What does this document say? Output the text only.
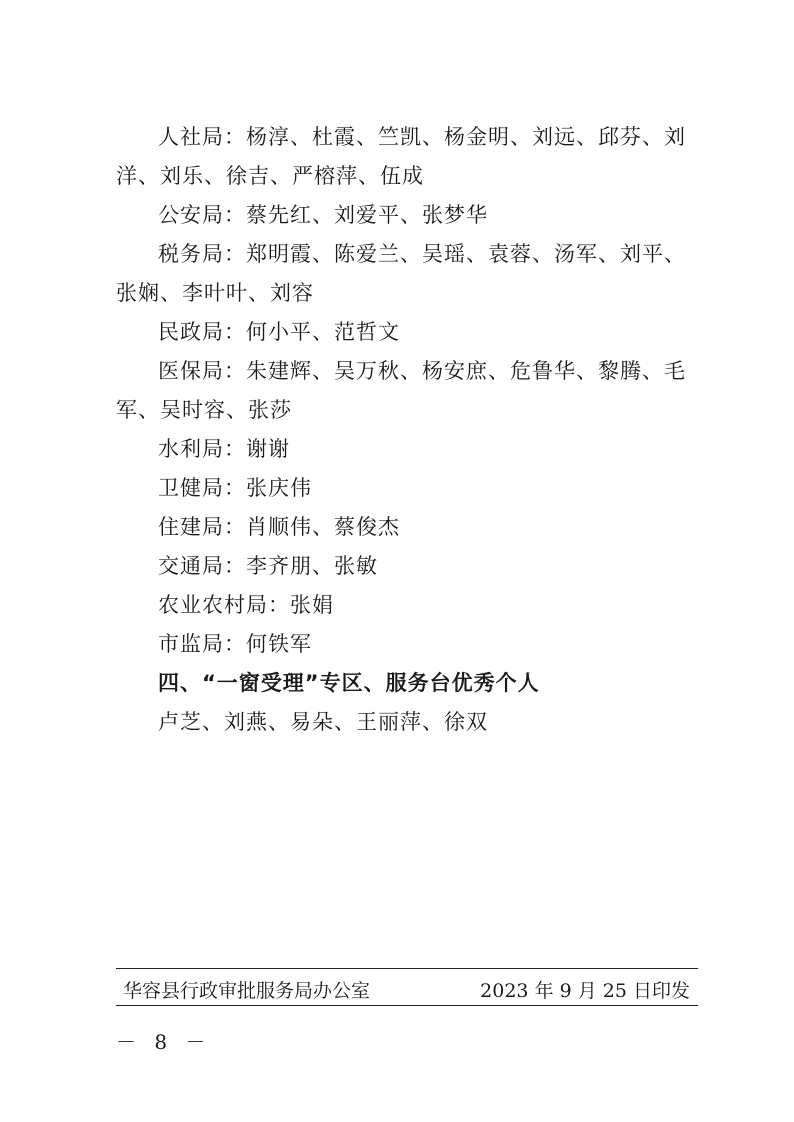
人社局：杨淳、杜霞、竺凯、杨金明、刘远、邱芬、刘洋、刘乐、徐吉、严榕萍、伍成

公安局：蔡先红、刘爱平、张梦华

税务局：郑明霞、陈爱兰、吴瑶、袁蓉、汤军、刘平、张娴、李叶叶、刘容

民政局：何小平、范哲文

医保局：朱建辉、吴万秋、杨安庶、危鲁华、黎腾、毛军、吴时容、张莎

水利局：谢谢

卫健局：张庆伟

住建局：肖顺伟、蔡俊杰

交通局：李齐朋、张敏

农业农村局：张娟

市监局：何铁军

四、“一窗受理”专区、服务台优秀个人

卢芝、刘燕、易朵、王丽萍、徐双

华容县行政审批服务局办公室	2023 年 9 月 25 日印发
－ 8 －
